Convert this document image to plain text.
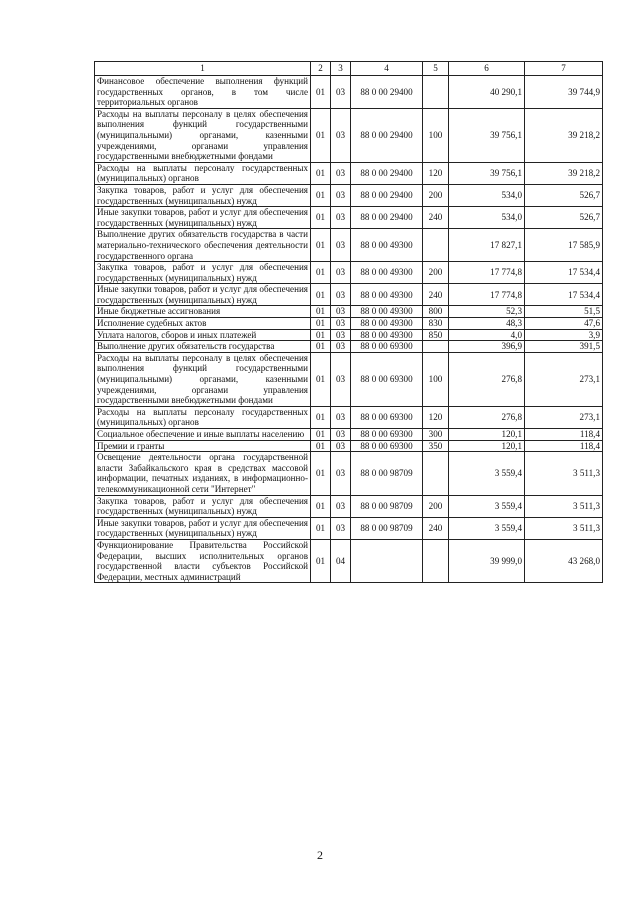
1	2	3	4	5	6	7
Финансовое обеспечение выполнения функций государственных органов, в том числе территориальных органов	01	03	88 0 00 29400		40 290,1	39 744,9
Расходы на выплаты персоналу в целях обеспечения выполнения функций государственными (муниципальными) органами, казенными учреждениями, органами управления государственными внебюджетными фондами	01	03	88 0 00 29400	100	39 756,1	39 218,2
Расходы на выплаты персоналу государственных (муниципальных) органов	01	03	88 0 00 29400	120	39 756,1	39 218,2
Закупка товаров, работ и услуг для обеспечения государственных (муниципальных) нужд	01	03	88 0 00 29400	200	534,0	526,7
Иные закупки товаров, работ и услуг для обеспечения государственных (муниципальных) нужд	01	03	88 0 00 29400	240	534,0	526,7
Выполнение других обязательств государства в части материально-технического обеспечения деятельности государственного органа	01	03	88 0 00 49300		17 827,1	17 585,9
Закупка товаров, работ и услуг для обеспечения государственных (муниципальных) нужд	01	03	88 0 00 49300	200	17 774,8	17 534,4
Иные закупки товаров, работ и услуг для обеспечения государственных (муниципальных) нужд	01	03	88 0 00 49300	240	17 774,8	17 534,4
Иные бюджетные ассигнования	01	03	88 0 00 49300	800	52,3	51,5
Исполнение судебных актов	01	03	88 0 00 49300	830	48,3	47,6
Уплата налогов, сборов и иных платежей	01	03	88 0 00 49300	850	4,0	3,9
Выполнение других обязательств государства	01	03	88 0 00 69300		396,9	391,5
Расходы на выплаты персоналу в целях обеспечения выполнения функций государственными (муниципальными) органами, казенными учреждениями, органами управления государственными внебюджетными фондами	01	03	88 0 00 69300	100	276,8	273,1
Расходы на выплаты персоналу государственных (муниципальных) органов	01	03	88 0 00 69300	120	276,8	273,1
Социальное обеспечение и иные выплаты населению	01	03	88 0 00 69300	300	120,1	118,4
Премии и гранты	01	03	88 0 00 69300	350	120,1	118,4
Освещение деятельности органа государственной власти Забайкальского края в средствах массовой информации, печатных изданиях, в информационно-телекоммуникационной сети "Интернет"	01	03	88 0 00 98709		3 559,4	3 511,3
Закупка товаров, работ и услуг для обеспечения государственных (муниципальных) нужд	01	03	88 0 00 98709	200	3 559,4	3 511,3
Иные закупки товаров, работ и услуг для обеспечения государственных (муниципальных) нужд	01	03	88 0 00 98709	240	3 559,4	3 511,3
Функционирование Правительства Российской Федерации, высших исполнительных органов государственной власти субъектов Российской Федерации, местных администраций	01	04			39 999,0	43 268,0
2
